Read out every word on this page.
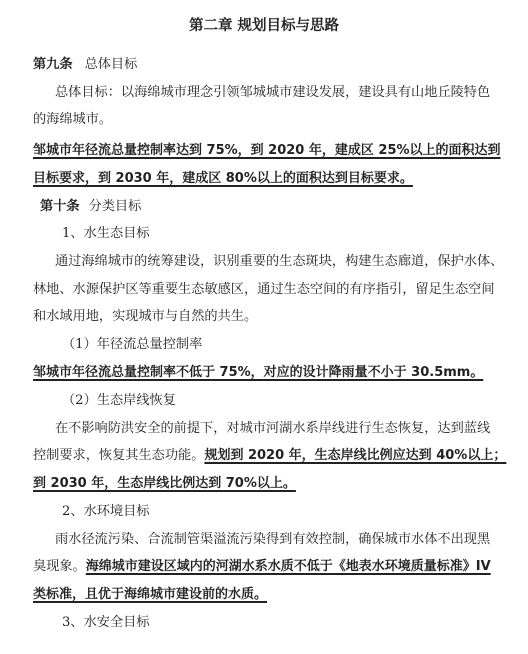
第二章 规划目标与思路
第九条 总体目标
总体目标：以海绵城市理念引领邹城城市建设发展，建设具有山地丘陵特色
的海绵城市。
邹城市年径流总量控制率达到 75%，到 2020 年，建成区 25%以上的面积达到
目标要求，到 2030 年，建成区 80%以上的面积达到目标要求。
第十条 分类目标
1、水生态目标
通过海绵城市的统筹建设，识别重要的生态斑块，构建生态廊道，保护水体、
林地、水源保护区等重要生态敏感区，通过生态空间的有序指引，留足生态空间
和水域用地，实现城市与自然的共生。
（1）年径流总量控制率
邹城市年径流总量控制率不低于 75%，对应的设计降雨量不小于 30.5mm。
（2）生态岸线恢复
在不影响防洪安全的前提下，对城市河湖水系岸线进行生态恢复，达到蓝线
控制要求，恢复其生态功能。规划到 2020 年，生态岸线比例应达到 40%以上；
到 2030 年，生态岸线比例达到 70%以上。
2、水环境目标
雨水径流污染、合流制管渠溢流污染得到有效控制，确保城市水体不出现黑
臭现象。海绵城市建设区域内的河湖水系水质不低于《地表水环境质量标准》IV
类标准，且优于海绵城市建设前的水质。
3、水安全目标
